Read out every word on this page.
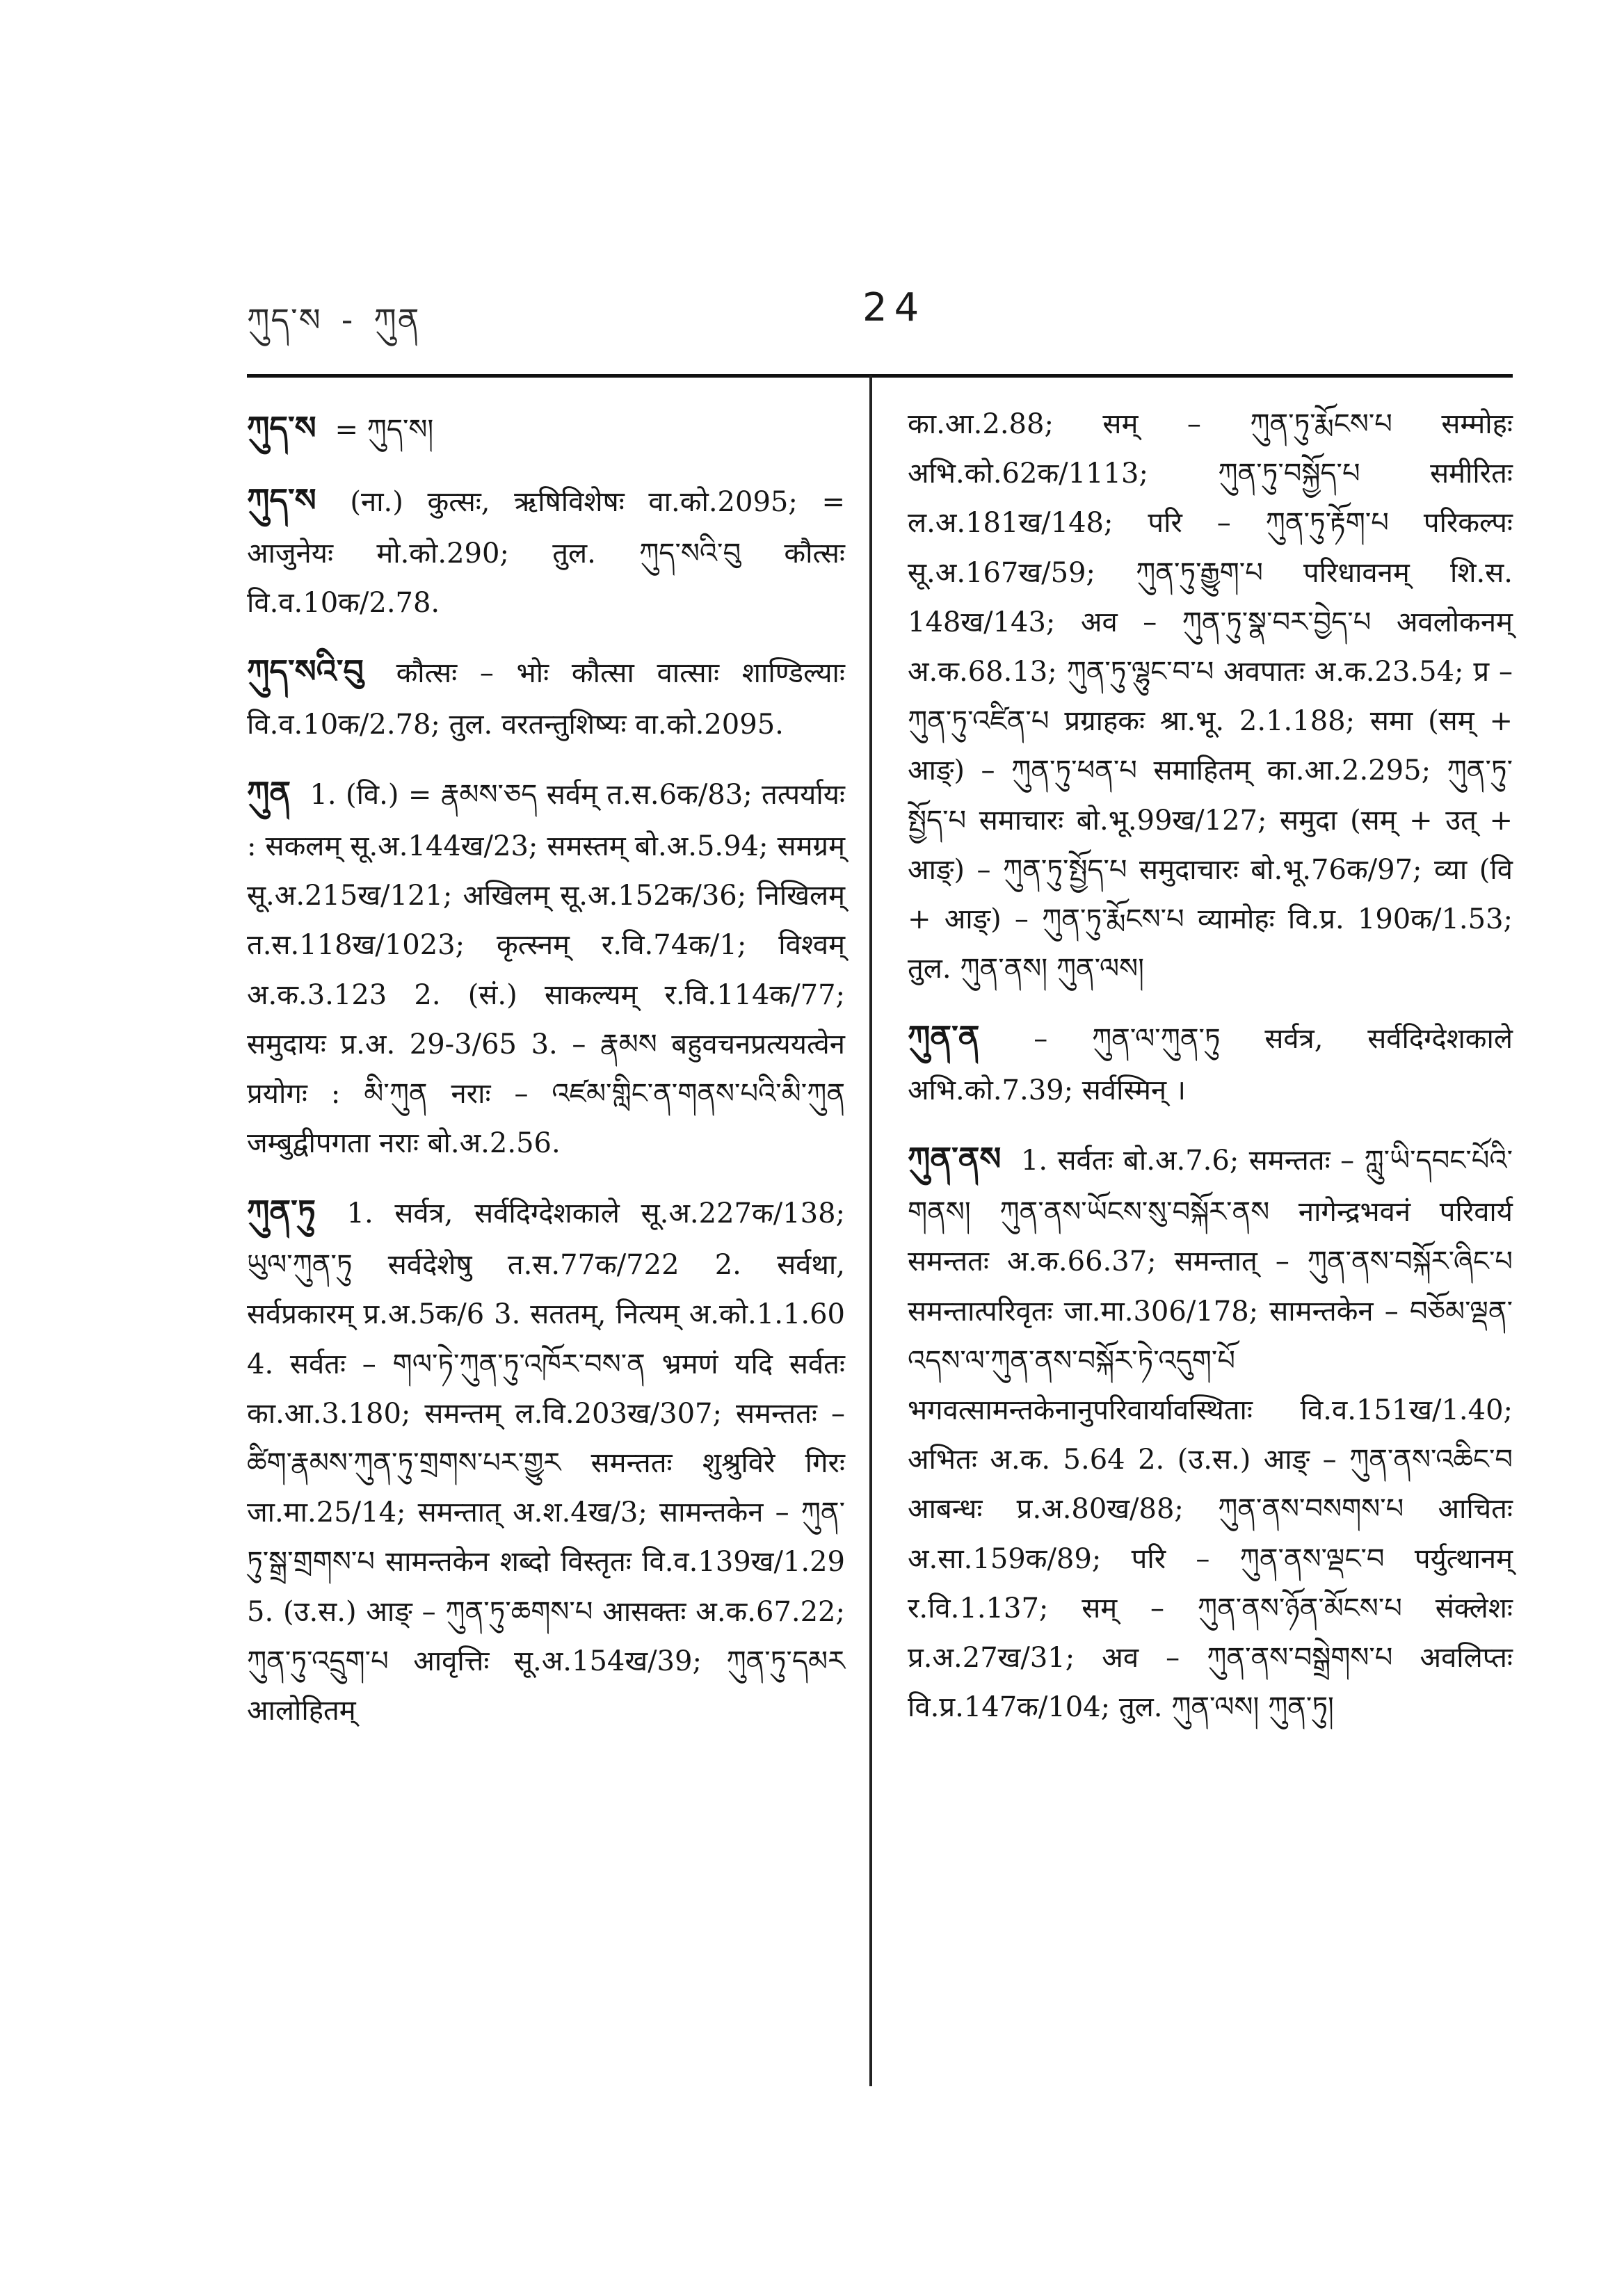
ཀུད་ས - ཀུན	24
ཀུད་ས = ཀུད་ས།
ཀུད་ས (ना.) कुत्सः, ऋषिविशेषः वा.को.2095; = आजुनेयः मो.को.290; तुल. ཀུད་སའི་བུ कौत्सः वि.व.10क/2.78.
ཀུད་སའི་བུ कौत्सः – भोः कौत्सा वात्साः शाण्डिल्याः वि.व.10क/2.78; तुल. वरतन्तुशिष्यः वा.को.2095.
ཀུན 1. (वि.) = རྣམས་ཅད सर्वम् त.स.6क/83; तत्पर्यायः : सकलम् सू.अ.144ख/23; समस्तम् बो.अ.5.94; समग्रम् सू.अ.215ख/121; अखिलम् सू.अ.152क/36; निखिलम् त.स.118ख/1023; कृत्स्नम् र.वि.74क/1; विश्वम् अ.क.3.123 2. (सं.) साकल्यम् र.वि.114क/77; समुदायः प्र.अ. 29-3/65 3. – རྣམས बहुवचनप्रत्ययत्वेन प्रयोगः : མི་ཀུན नराः – འཛམ་གླིང་ན་གནས་པའི་མི་ཀུན जम्बुद्वीपगता नराः बो.अ.2.56.
ཀུན་ཏུ 1. सर्वत्र, सर्वदिग्देशकाले सू.अ.227क/138; ཡུལ་ཀུན་ཏུ सर्वदेशेषु त.स.77क/722 2. सर्वथा, सर्वप्रकारम् प्र.अ.5क/6 3. सततम्, नित्यम् अ.को.1.1.60 4. सर्वतः – གལ་ཏེ་ཀུན་ཏུ་འཁོར་བས་ན भ्रमणं यदि सर्वतः का.आ.3.180; समन्तम् ल.वि.203ख/307; समन्ततः – ཚིག་རྣམས་ཀུན་ཏུ་གྲགས་པར་གྱུར समन्ततः शुश्रुविरे गिरः जा.मा.25/14; समन्तात् अ.श.4ख/3; सामन्तकेन – ཀུན་ཏུ་སྒྲ་གྲགས་པ सामन्तकेन शब्दो विस्तृतः वि.व.139ख/1.29 5. (उ.स.) आङ् – ཀུན་ཏུ་ཆགས་པ आसक्तः अ.क.67.22; ཀུན་ཏུ་འདྲུག་པ आवृत्तिः सू.अ.154ख/39; ཀུན་ཏུ་དམར आलोहितम्
का.आ.2.88; सम् – ཀུན་ཏུ་རྨོངས་པ सम्मोहः अभि.को.62क/1113; ཀུན་ཏུ་བསྐྱོད་པ समीरितः ल.अ.181ख/148; परि – ཀུན་ཏུ་རྟོག་པ परिकल्पः सू.अ.167ख/59; ཀུན་ཏུ་རྒྱུག་པ परिधावनम् शि.स. 148ख/143; अव – ཀུན་ཏུ་སྣ་བར་བྱེད་པ अवलोकनम् अ.क.68.13; ཀུན་ཏུ་ལྷུང་བ་པ अवपातः अ.क.23.54; प्र – ཀུན་ཏུ་འཛིན་པ प्रग्राहकः श्रा.भू. 2.1.188; समा (सम् + आङ्) – ཀུན་ཏུ་ཕན་པ समाहितम् का.आ.2.295; ཀུན་ཏུ་སྤྱོད་པ समाचारः बो.भू.99ख/127; समुदा (सम् + उत् + आङ्) – ཀུན་ཏུ་སྤྱོད་པ समुदाचारः बो.भू.76क/97; व्या (वि + आङ्) – ཀུན་ཏུ་རྨོངས་པ व्यामोहः वि.प्र. 190क/1.53; तुल. ཀུན་ནས། ཀུན་ལས།
ཀུན་ན – ཀུན་ལ་ཀུན་ཏུ सर्वत्र, सर्वदिग्देशकाले अभि.को.7.39; सर्वस्मिन् ।
ཀུན་ནས 1. सर्वतः बो.अ.7.6; समन्ततः – ཀླུ་ཡི་དབང་པོའི་གནས། ཀུན་ནས་ཡོངས་སུ་བསྐོར་ནས नागेन्द्रभवनं परिवार्य समन्ततः अ.क.66.37; समन्तात् – ཀུན་ནས་བསྐོར་ཞིང་པ समन्तात्परिवृतः जा.मा.306/178; सामन्तकेन – བཅོམ་ལྡན་འདས་ལ་ཀུན་ནས་བསྐོར་ཏེ་འདུག་པོ भगवत्सामन्तकेनानुपरिवार्यावस्थिताः वि.व.151ख/1.40; अभितः अ.क. 5.64 2. (उ.स.) आङ् – ཀུན་ནས་འཆིང་བ आबन्धः प्र.अ.80ख/88; ཀུན་ནས་བསགས་པ आचितः अ.सा.159क/89; परि – ཀུན་ནས་ལྡང་བ पर्युत्थानम् र.वि.1.137; सम् – ཀུན་ནས་ཉོན་མོངས་པ संक्लेशः प्र.अ.27ख/31; अव – ཀུན་ནས་བསྒྲེགས་པ अवलिप्तः वि.प्र.147क/104; तुल. ཀུན་ལས། ཀུན་ཏུ།
